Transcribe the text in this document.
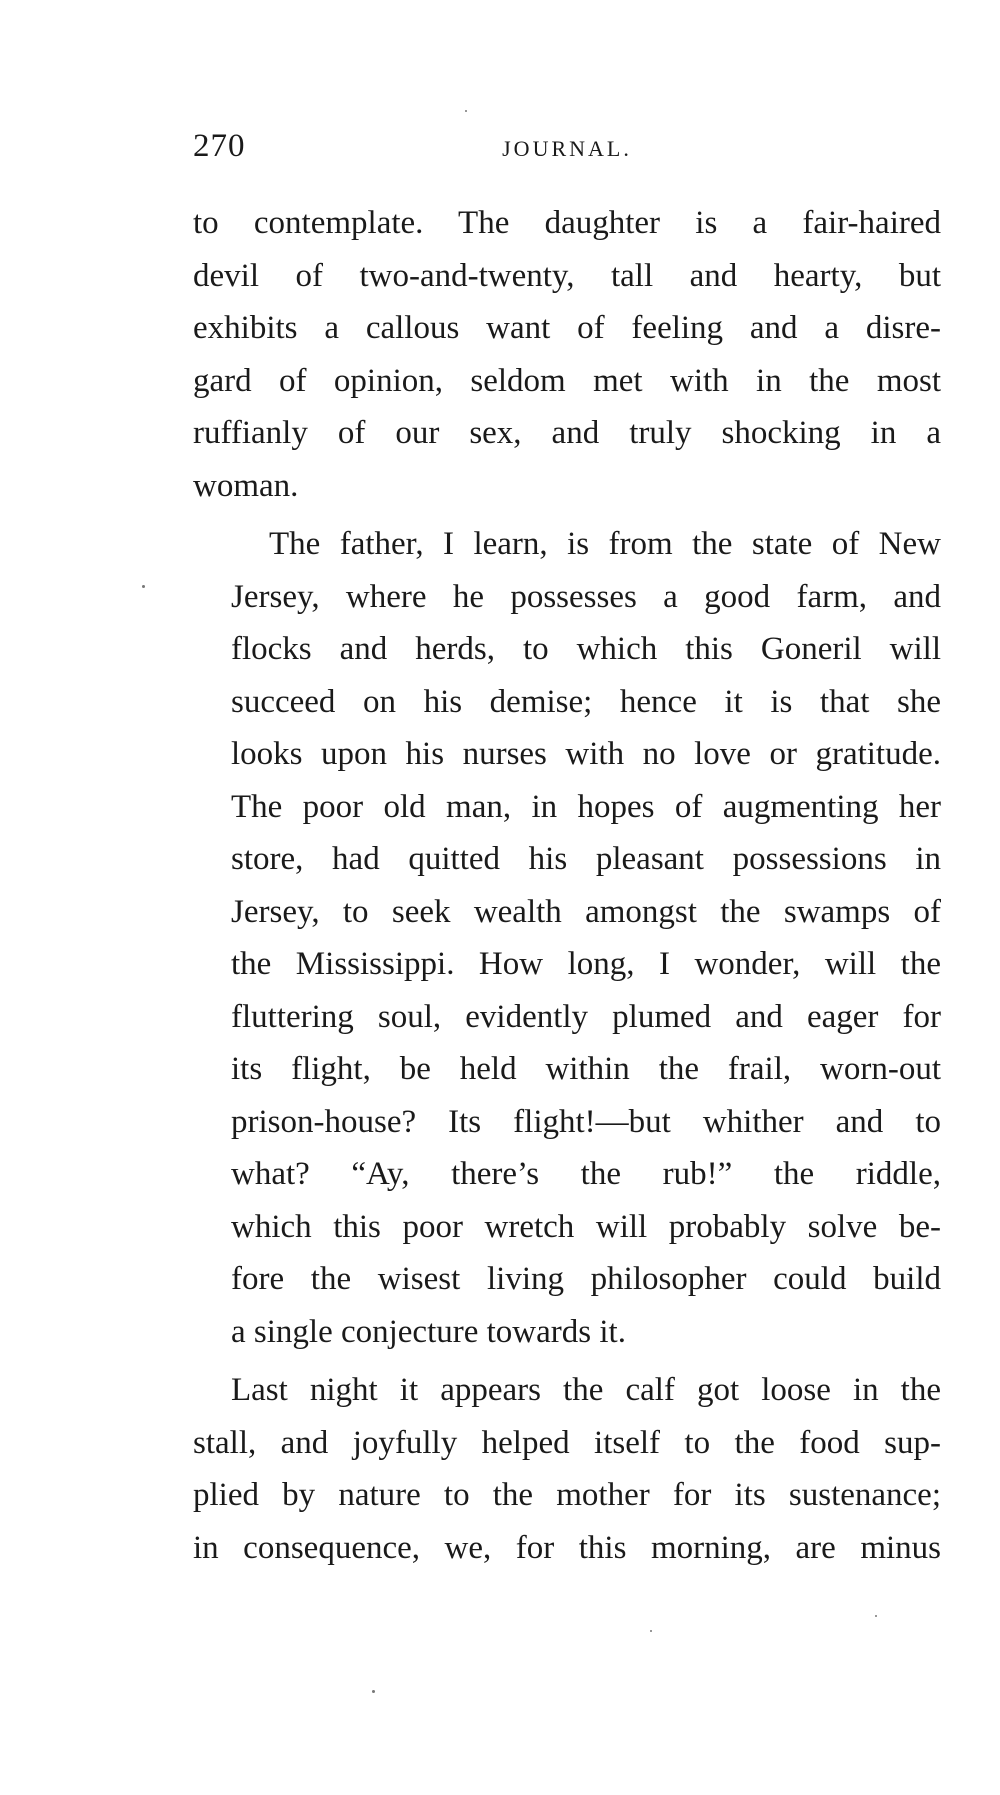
270	JOURNAL.
to contemplate. The daughter is a fair-haired
devil of two-and-twenty, tall and hearty, but
exhibits a callous want of feeling and a disre-
gard of opinion, seldom met with in the most
ruffianly of our sex, and truly shocking in a
woman.
The father, I learn, is from the state of New
Jersey, where he possesses a good farm, and
flocks and herds, to which this Goneril will
succeed on his demise; hence it is that she
looks upon his nurses with no love or gratitude.
The poor old man, in hopes of augmenting her
store, had quitted his pleasant possessions in
Jersey, to seek wealth amongst the swamps of
the Mississippi. How long, I wonder, will the
fluttering soul, evidently plumed and eager for
its flight, be held within the frail, worn-out
prison-house? Its flight!—but whither and to
what? “Ay, there’s the rub!” the riddle,
which this poor wretch will probably solve be-
fore the wisest living philosopher could build
a single conjecture towards it.
Last night it appears the calf got loose in the
stall, and joyfully helped itself to the food sup-
plied by nature to the mother for its sustenance;
in consequence, we, for this morning, are minus
